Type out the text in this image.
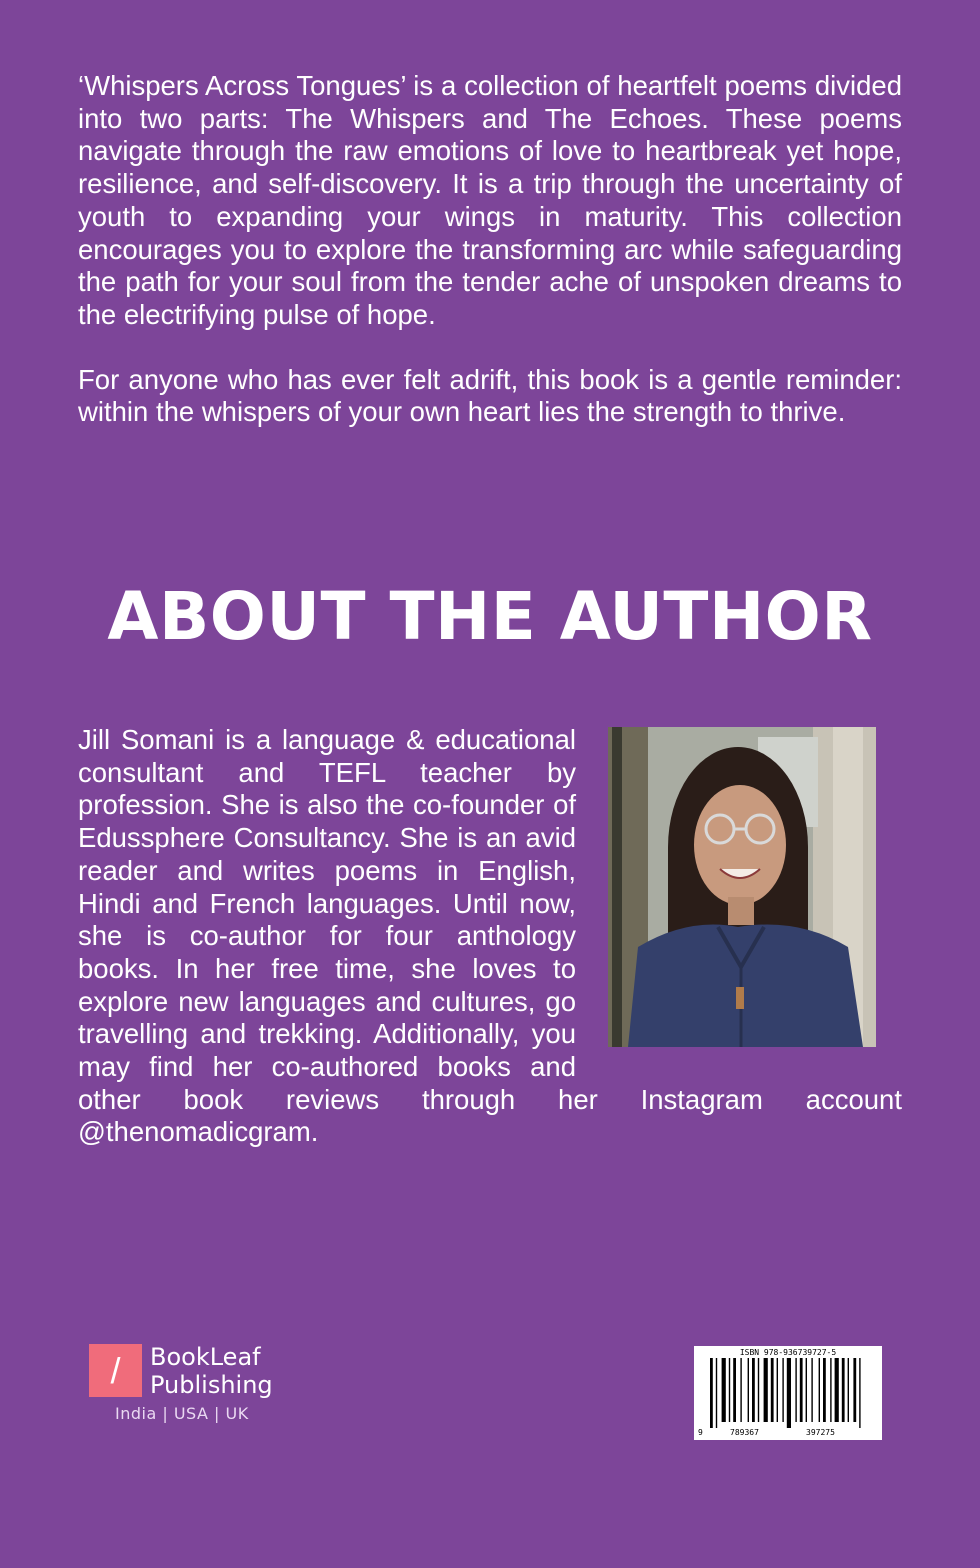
‘Whispers Across Tongues’ is a collection of heartfelt poems divided into two parts: The Whispers and The Echoes. These poems navigate through the raw emotions of love to heartbreak yet hope, resilience, and self-discovery. It is a trip through the uncertainty of youth to expanding your wings in maturity. This collection encourages you to explore the transforming arc while safeguarding the path for your soul from the tender ache of unspoken dreams to the electrifying pulse of hope.

For anyone who has ever felt adrift, this book is a gentle reminder: within the whispers of your own heart lies the strength to thrive.

ABOUT THE AUTHOR

Jill Somani is a language & educational consultant and TEFL teacher by profession. She is also the co-founder of Edussphere Consultancy. She is an avid reader and writes poems in English, Hindi and French languages. Until now, she is co-author for four anthology books. In her free time, she loves to explore new languages and cultures, go travelling and trekking. Additionally, you may find her co-authored books and other book reviews through her Instagram account @thenomadicgram.

/	BookLeaf
Publishing
India | USA | UK
ISBN 978-936739727-5
9	789367	397275
